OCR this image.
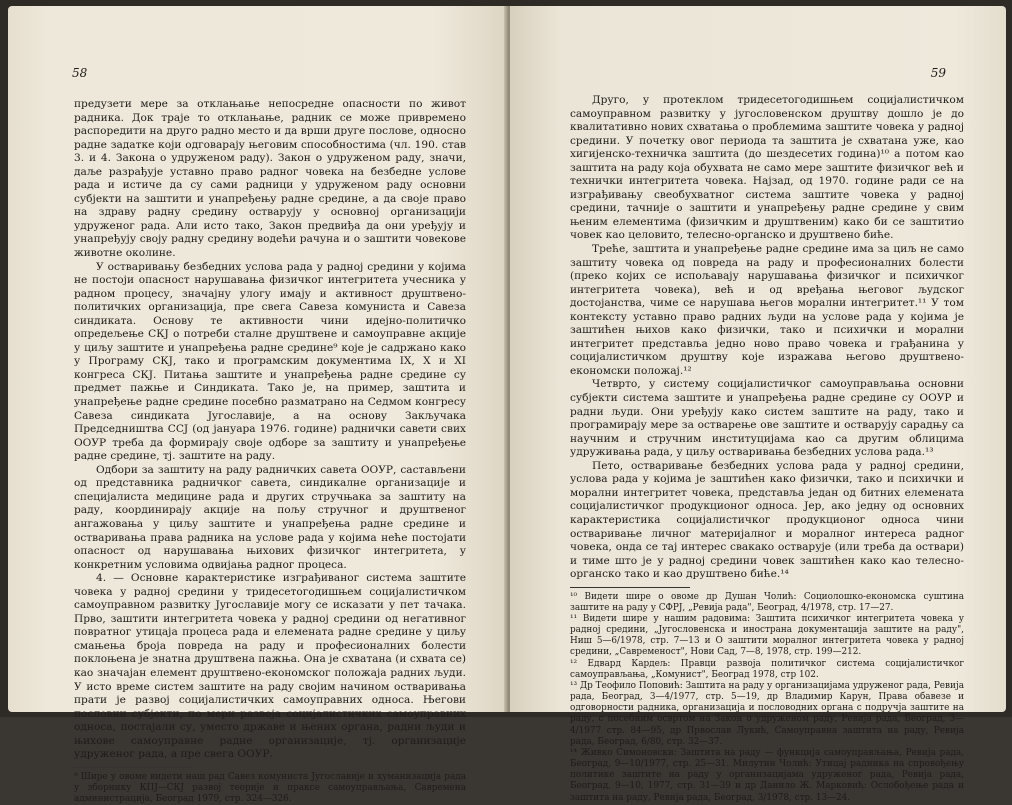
58

предузети мере за отклањање непосредне опасности по живот радника. Док траје то отклањање, радник се може привремено распоредити на друго радно место и да врши друге послове, односно радне задатке који одговарају његовим способностима (чл. 190. став 3. и 4. Закона о удруженом раду). Закон о удруженом раду, значи, даље разрађује уставно право радног човека на безбедне услове рада и истиче да су сами радници у удруженом раду основни субјекти на заштити и унапређењу радне средине, а да своје право на здраву радну средину остварују у основној организацији удруженог рада. Али исто тако, Закон предвиђа да они уређују и унапређују своју радну средину водећи рачуна и о заштити човекове животне околине.

У остваривању безбедних услова рада у радној средини у којима не постоји опасност нарушавања физичког интегритета учесника у радном процесу, значајну улогу имају и активност друштвено-политичких организација, пре свега Савеза комуниста и Савеза синдиката. Основу те активности чини идејно-политичко опредељење СКЈ о потреби сталне друштвене и самоуправне акције у циљу заштите и унапређења радне средине⁹ које је садржано како у Програму СКЈ, тако и програмским документима IX, X и XI конгреса СКЈ. Питања заштите и унапређења радне средине су предмет пажње и Синдиката. Тако је, на пример, заштита и унапређење радне средине посебно разматрано на Седмом конгресу Савеза синдиката Југославије, а на основу Закључака Председништва ССЈ (од јануара 1976. године) раднички савети свих ООУР треба да формирају своје одборе за заштиту и унапређење радне средине, тј. заштите на раду.

Одбори за заштиту на раду радничких савета ООУР, састављени од представника радничког савета, синдикалне организације и специјалиста медицине рада и других стручњака за заштиту на раду, координирају акције на пољу стручног и друштвеног ангажовања у циљу заштите и унапређења радне средине и остваривања права радника на услове рада у којима неће постојати опасност од нарушавања њихових физичког интегритета, у конкретним условима одвијања радног процеса.

4. — Основне карактеристике изграђиваног система заштите човека у радној средини у тридесетогодишњем социјалистичком самоуправном развитку Југославије могу се исказати у пет тачака. Прво, заштити интегритета човека у радној средини од негативног повратног утицаја процеса рада и елемената радне средине у циљу смањења броја повреда на раду и професионалних болести поклоњена је знатна друштвена пажња. Она је схватана (и схвата се) као значајан елемент друштвено-економског положаја радних људи. У исто време систем заштите на раду својим начином остваривања прати је развој социјалистичких самоуправних односа. Његови пословни субјекти, по мери развоја социјалистичких самоуправних односа, постајали су, уместо државе и њених органа, радни људи и њихове самоуправне радне организације, тј. организације удруженог рада, а пре свега ООУР.

⁹ Шире у овоме видети наш рад Савез комуниста Југославије и хуманизација рада у зборнику КПЈ—СКЈ развој теорије и праксе самоуправљања, Савремена администрација, Београд 1979, стр. 324—326.

59

Друго, у протеклом тридесетогодишњем социјалистичком самоуправном развитку у југословенском друштву дошло је до квалитативно нових схватања о проблемима заштите човека у радној средини. У почетку овог периода та заштита је схватана уже, као хигијенско-техничка заштита (до шездесетих година)¹⁰ а потом као заштита на раду која обухвата не само мере заштите физичког већ и технички интегритета човека. Најзад, од 1970. године ради се на изграђивању свеобухватног система заштите човека у радној средини, тачније о заштити и унапређењу радне средине у свим њеним елементима (физичким и друштвеним) како би се заштитио човек као целовито, телесно-органско и друштвено биће.

Треће, заштита и унапређење радне средине има за циљ не само заштиту човека од повреда на раду и професионалних болести (преко којих се испољавају нарушавања физичког и психичког интегритета човека), већ и од вређања његовог људског достојанства, чиме се нарушава његов морални интегритет.¹¹ У том контексту уставно право радних људи на услове рада у којима је заштићен њихов како физички, тако и психички и морални интегритет представља једно ново право човека и грађанина у социјалистичком друштву које изражава његово друштвено-економски положај.¹²

Четврто, у систему социјалистичког самоуправљања основни субјекти система заштите и унапређења радне средине су ООУР и радни људи. Они уређују како систем заштите на раду, тако и програмирају мере за остварење ове заштите и остварују сарадњу са научним и стручним институцијама као са другим облицима удруживања рада, у циљу остваривања безбедних услова рада.¹³

Пето, остваривање безбедних услова рада у радној средини, услова рада у којима је заштићен како физички, тако и психички и морални интегритет човека, представља један од битних елемената социјалистичког продукционог односа. Јер, ако једну од основних карактеристика социјалистичког продукционог односа чини остваривање личног материјалног и моралног интереса радног човека, онда се тај интерес свакако остварује (или треба да оствари) и тиме што је у радној средини човек заштићен како као телесно-органско тако и као друштвено биће.¹⁴

¹⁰ Видети шире о овоме др Душан Чолић: Социолошко-економска суштина заштите на раду у СФРЈ, „Ревија рада", Београд, 4/1978, стр. 17—27.

¹¹ Видети шире у нашим радовима: Заштита психичког интегритета човека у радној средини, „Југословенска и инострана документација заштите на раду", Ниш 5—6/1978, стр. 7—13 и О заштити моралног интегритета човека у радној средини, „Савременост", Нови Сад, 7—8, 1978, стр. 199—212.

¹² Едвард Кардељ: Правци развоја политичког система социјалистичког самоуправљања, „Комунист", Београд 1978, стр 102.

¹³ Др Теофило Поповић: Заштита на раду у организацијама удруженог рада, Ревија рада, Београд, 3—4/1977, стр. 5—19, др Владимир Карун, Права обавезе и одговорности радника, организација и пословодних органа с подручја заштите на раду, с посебним освртом на Закон о удруженом раду, Ревија рада, Београд, 3—4/1977 стр. 84—95, др Првослав Лукић, Самоуправна заштита на раду, Ревија рада, Београд, 6/80, стр. 32—37.

¹⁴ Живко Симоновски: Заштита на раду — функција самоуправљања, Ревија рада, Београд, 9—10/1977, стр. 25—31. Милутин Чолић: Утицај радника на спровођењу политике заштите на раду у организацијама удруженог рада, Ревија рада, Београд, 9—10, 1977, стр. 31—39 и др Данило Ж. Марковић: Ослобођење рада и заштита на раду, Ревија рада, Београд, 3/1978, стр. 13—24.
